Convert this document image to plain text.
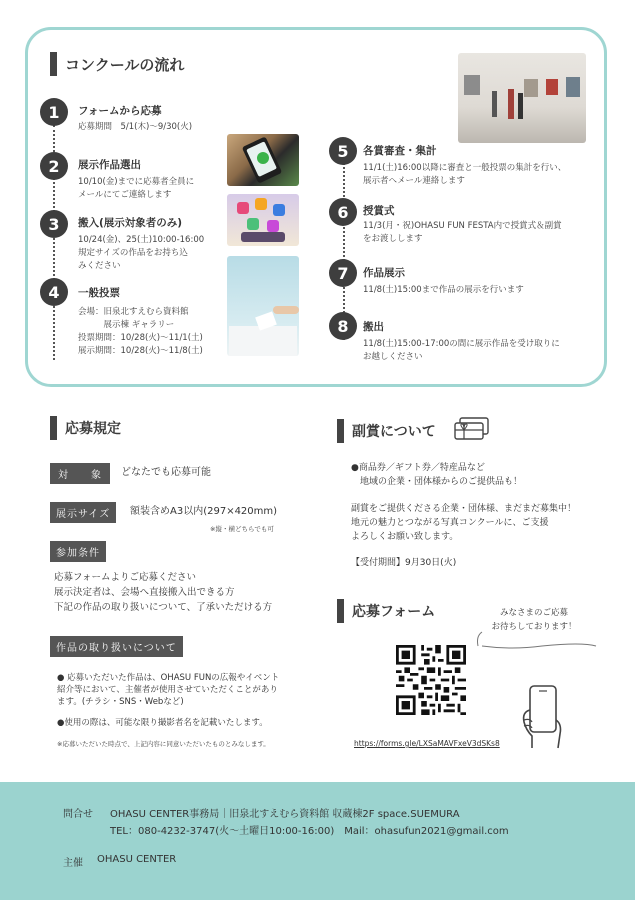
コンクールの流れ
1	フォームから応募
応募期間　5/1(木)〜9/30(火)
2	展示作品選出
10/10(金)までに応募者全員に
メールにてご連絡します
3	搬入(展示対象者のみ)
10/24(金)、25(土)10:00-16:00
規定サイズの作品をお持ち込
みください
4	一般投票
会場：旧泉北すえむら資料館
　　　展示棟 ギャラリー
投票期間：10/28(火)〜11/1(土)
展示期間：10/28(火)〜11/8(土)
5	各賞審査・集計
11/1(土)16:00以降に審査と一般投票の集計を行い、
展示者へメール連絡します
6	授賞式
11/3(月・祝)OHASU FUN FESTA内で授賞式＆副賞
をお渡しします
7	作品展示
11/8(土)15:00まで作品の展示を行います
8	搬出
11/8(土)15:00-17:00の間に展示作品を受け取りに
お越しください
応募規定
対　　象	どなたでも応募可能
展示サイズ	額装含めA3以内(297×420mm)
※縦・横どちらでも可
参加条件
応募フォームよりご応募ください
展示決定者は、会場へ直接搬入出できる方
下記の作品の取り扱いについて、了承いただける方
作品の取り扱いについて
● 応募いただいた作品は、OHASU FUNの広報やイベント
紹介等において、主催者が使用させていただくことがあり
ます。(チラシ・SNS・Webなど)
●使用の際は、可能な限り撮影者名を記載いたします。
※応募いただいた時点で、上記内容に同意いただいたものとみなします。
副賞について
●商品券／ギフト券／特産品など
　地域の企業・団体様からのご提供品も！
副賞をご提供くださる企業・団体様、まだまだ募集中！
地元の魅力とつながる写真コンクールに、ご支援
よろしくお願い致します。
【受付期間】9月30日(火)
応募フォーム	みなさまのご応募
お待ちしております！
https://forms.gle/LXSaMAVFxeV3dSKs8
問合せ OHASU CENTER事務局｜旧泉北すえむら資料館 収蔵棟2F space.SUEMURA
TEL：080-4232-3747(火〜土曜日10:00-16:00)　Mail：ohasufun2021@gmail.com
主催 OHASU CENTER
